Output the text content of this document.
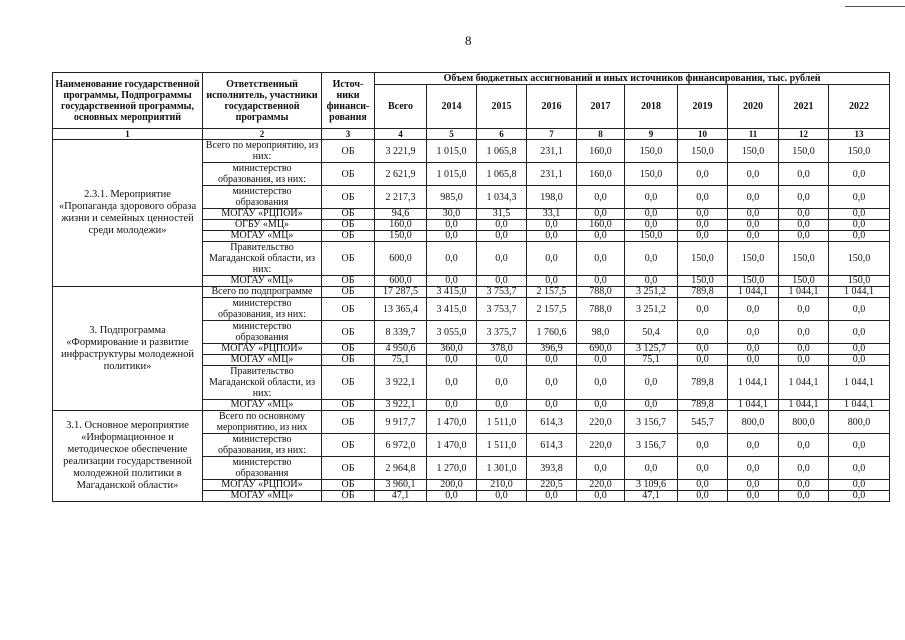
8
Наименование государственной программы, Подпрограммы государственной программы, основных мероприятий	Ответственный исполнитель, участники государственной программы	Источ-ники финанси-рования	Объем бюджетных ассигнований и иных источников финансирования, тыс. рублей									
			Всего	2014	2015	2016	2017	2018	2019	2020	2021	2022
1	2	3	4	5	6	7	8	9	10	11	12	13
2.3.1. Мероприятие «Пропаганда здорового образа жизни и семейных ценностей среди молодежи»	Всего по мероприятию, из них:	ОБ	3 221,9	1 015,0	1 065,8	231,1	160,0	150,0	150,0	150,0	150,0	150,0
	министерство образования, из них:	ОБ	2 621,9	1 015,0	1 065,8	231,1	160,0	150,0	0,0	0,0	0,0	0,0
	министерство образования	ОБ	2 217,3	985,0	1 034,3	198,0	0,0	0,0	0,0	0,0	0,0	0,0
	МОГАУ «РЦПОИ»	ОБ	94,6	30,0	31,5	33,1	0,0	0,0	0,0	0,0	0,0	0,0
	ОГБУ «МЦ»	ОБ	160,0	0,0	0,0	0,0	160,0	0,0	0,0	0,0	0,0	0,0
	МОГАУ «МЦ»	ОБ	150,0	0,0	0,0	0,0	0,0	150,0	0,0	0,0	0,0	0,0
	Правительство Магаданской области, из них:	ОБ	600,0	0,0	0,0	0,0	0,0	0,0	150,0	150,0	150,0	150,0
	МОГАУ «МЦ»	ОБ	600,0	0,0	0,0	0,0	0,0	0,0	150,0	150,0	150,0	150,0
3. Подпрограмма «Формирование и развитие инфраструктуры молодежной политики»	Всего по подпрограмме	ОБ	17 287,5	3 415,0	3 753,7	2 157,5	788,0	3 251,2	789,8	1 044,1	1 044,1	1 044,1
	министерство образования, из них:	ОБ	13 365,4	3 415,0	3 753,7	2 157,5	788,0	3 251,2	0,0	0,0	0,0	0,0
	министерство образования	ОБ	8 339,7	3 055,0	3 375,7	1 760,6	98,0	50,4	0,0	0,0	0,0	0,0
	МОГАУ «РЦПОИ»	ОБ	4 950,6	360,0	378,0	396,9	690,0	3 125,7	0,0	0,0	0,0	0,0
	МОГАУ «МЦ»	ОБ	75,1	0,0	0,0	0,0	0,0	75,1	0,0	0,0	0,0	0,0
	Правительство Магаданской области, из них:	ОБ	3 922,1	0,0	0,0	0,0	0,0	0,0	789,8	1 044,1	1 044,1	1 044,1
	МОГАУ «МЦ»	ОБ	3 922,1	0,0	0,0	0,0	0,0	0,0	789,8	1 044,1	1 044,1	1 044,1
3.1. Основное мероприятие «Информационное и методическое обеспечение реализации государственной молодежной политики в Магаданской области»	Всего по основному мероприятию, из них	ОБ	9 917,7	1 470,0	1 511,0	614,3	220,0	3 156,7	545,7	800,0	800,0	800,0
	министерство образования, из них:	ОБ	6 972,0	1 470,0	1 511,0	614,3	220,0	3 156,7	0,0	0,0	0,0	0,0
	министерство образования	ОБ	2 964,8	1 270,0	1 301,0	393,8	0,0	0,0	0,0	0,0	0,0	0,0
	МОГАУ «РЦПОИ»	ОБ	3 960,1	200,0	210,0	220,5	220,0	3 109,6	0,0	0,0	0,0	0,0
	МОГАУ «МЦ»	ОБ	47,1	0,0	0,0	0,0	0,0	47,1	0,0	0,0	0,0	0,0
